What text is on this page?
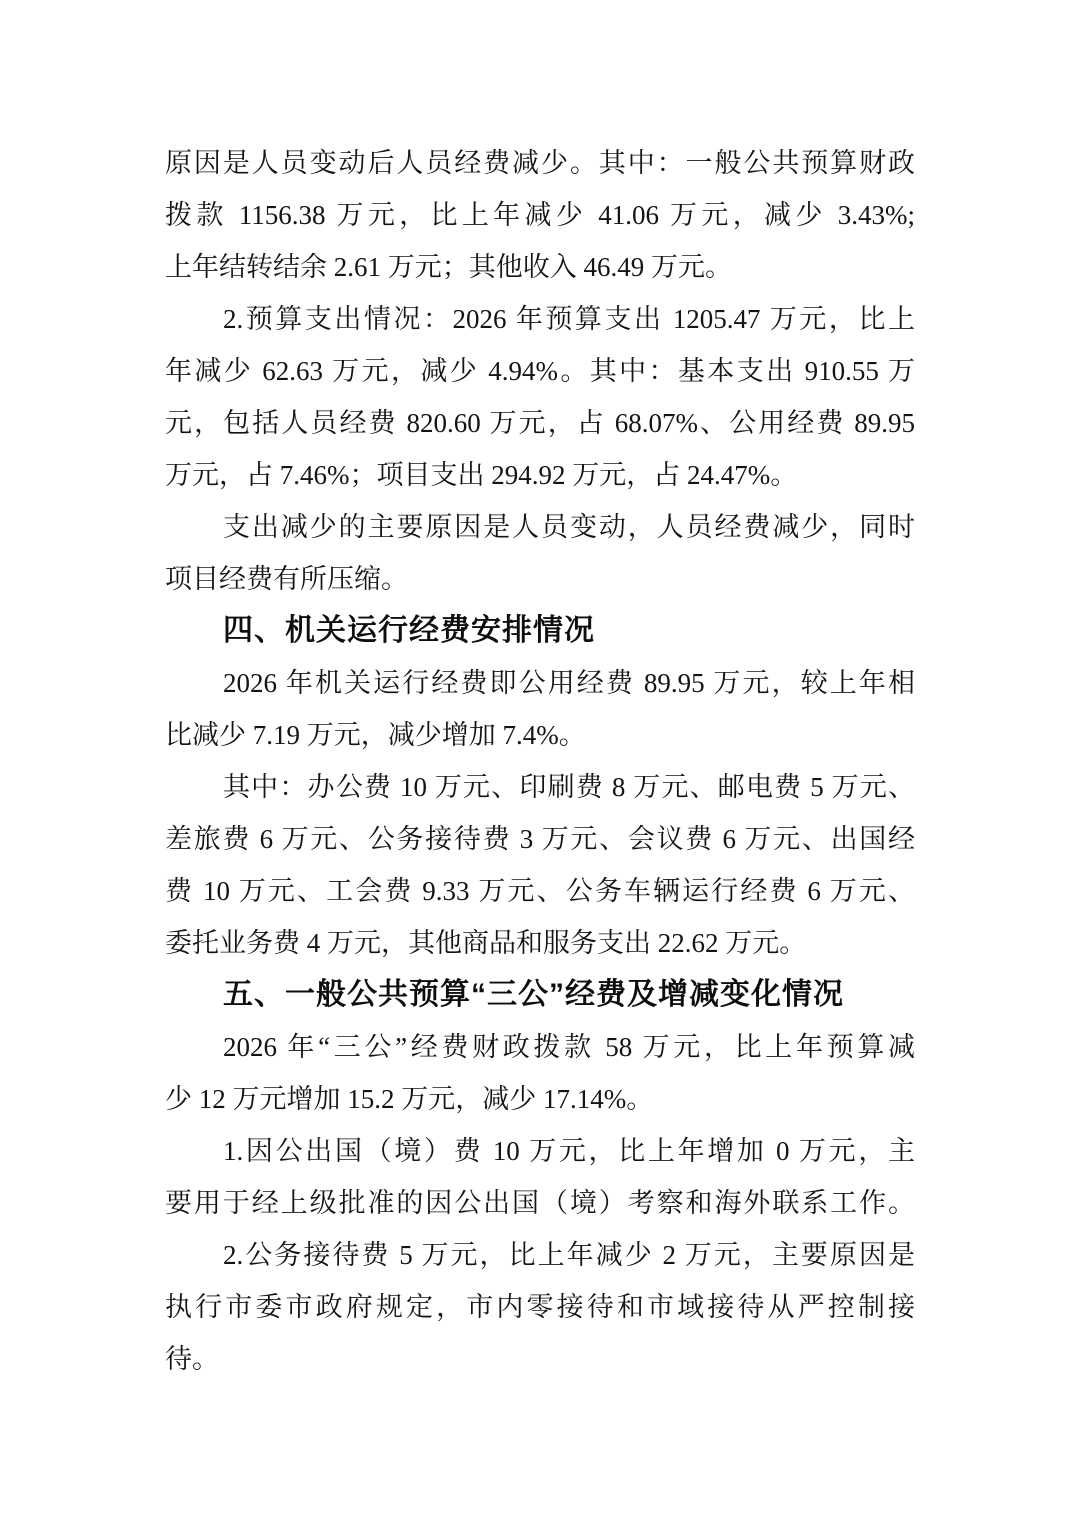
原因是人员变动后人员经费减少。其中：一般公共预算财政
拨款 1156.38 万元，比上年减少 41.06 万元，减少 3.43%;
上年结转结余 2.61 万元；其他收入 46.49 万元。
2.预算支出情况：2026 年预算支出 1205.47 万元，比上
年减少 62.63 万元，减少 4.94%。其中：基本支出 910.55 万
元，包括人员经费 820.60 万元，占 68.07%、公用经费 89.95
万元，占 7.46%；项目支出 294.92 万元，占 24.47%。
支出减少的主要原因是人员变动，人员经费减少，同时
项目经费有所压缩。
四、机关运行经费安排情况
2026 年机关运行经费即公用经费 89.95 万元，较上年相
比减少 7.19 万元，减少增加 7.4%。
其中：办公费 10 万元、印刷费 8 万元、邮电费 5 万元、
差旅费 6 万元、公务接待费 3 万元、会议费 6 万元、出国经
费 10 万元、工会费 9.33 万元、公务车辆运行经费 6 万元、
委托业务费 4 万元，其他商品和服务支出 22.62 万元。
五、一般公共预算“三公”经费及增减变化情况
2026 年“三公”经费财政拨款 58 万元，比上年预算减
少 12 万元增加 15.2 万元，减少 17.14%。
1.因公出国（境）费 10 万元，比上年增加 0 万元，主
要用于经上级批准的因公出国（境）考察和海外联系工作。
2.公务接待费 5 万元，比上年减少 2 万元，主要原因是
执行市委市政府规定，市内零接待和市域接待从严控制接
待。
